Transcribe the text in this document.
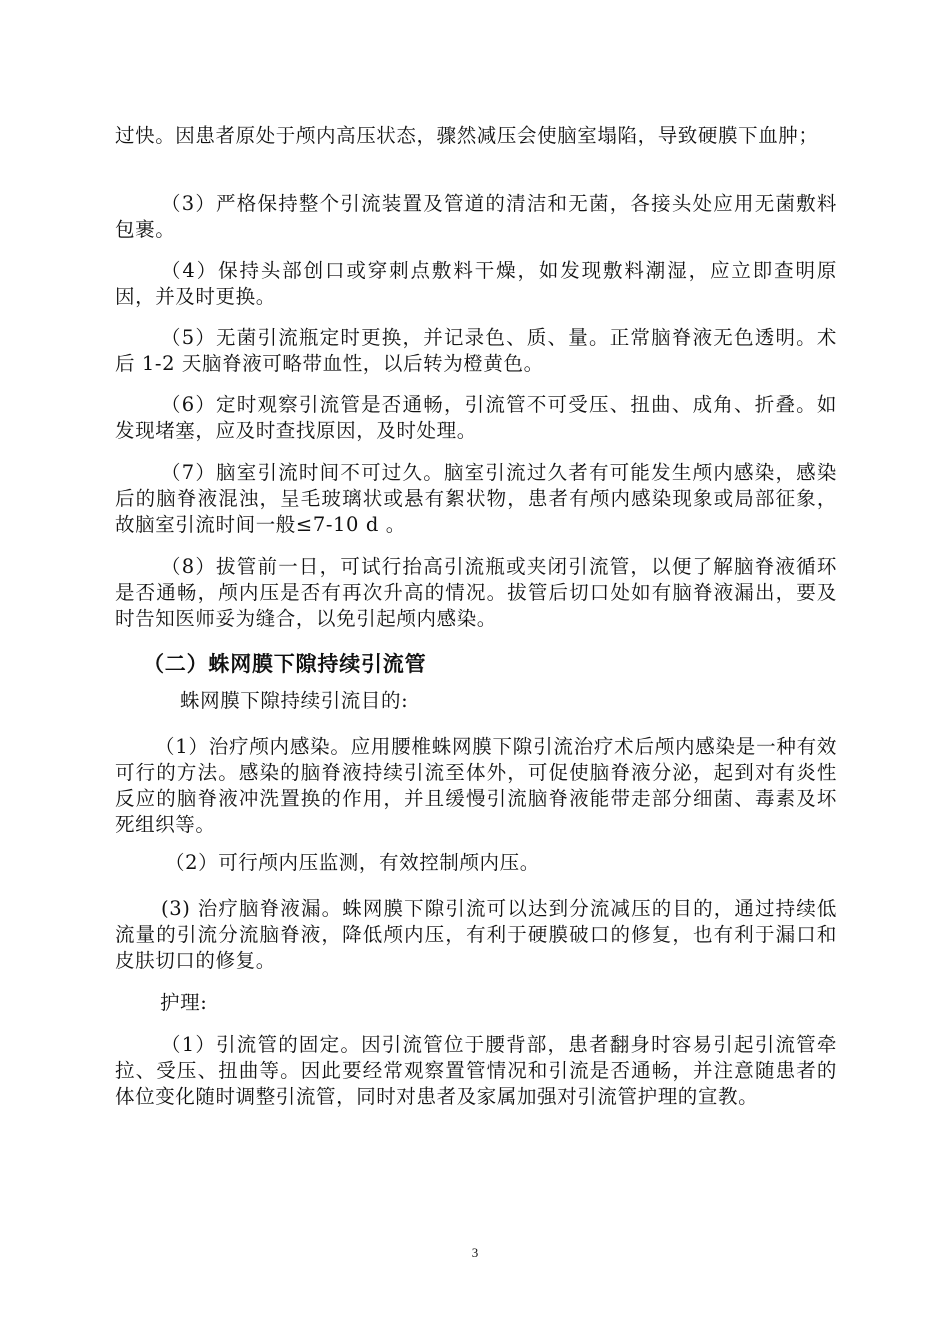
过快。因患者原处于颅内高压状态，骤然减压会使脑室塌陷，导致硬膜下血肿；

（3）严格保持整个引流装置及管道的清洁和无菌，各接头处应用无菌敷料包裹。

（4）保持头部创口或穿刺点敷料干燥，如发现敷料潮湿，应立即查明原因，并及时更换。

（5）无菌引流瓶定时更换，并记录色、质、量。正常脑脊液无色透明。术后 1-2 天脑脊液可略带血性，以后转为橙黄色。

（6）定时观察引流管是否通畅，引流管不可受压、扭曲、成角、折叠。如发现堵塞，应及时查找原因，及时处理。

（7）脑室引流时间不可过久。脑室引流过久者有可能发生颅内感染，感染后的脑脊液混浊，呈毛玻璃状或悬有絮状物，患者有颅内感染现象或局部征象，故脑室引流时间一般≤7-10 d 。

（8）拔管前一日，可试行抬高引流瓶或夹闭引流管，以便了解脑脊液循环是否通畅，颅内压是否有再次升高的情况。拔管后切口处如有脑脊液漏出，要及时告知医师妥为缝合，以免引起颅内感染。

（二）蛛网膜下隙持续引流管

蛛网膜下隙持续引流目的:

（1）治疗颅内感染。应用腰椎蛛网膜下隙引流治疗术后颅内感染是一种有效可行的方法。感染的脑脊液持续引流至体外，可促使脑脊液分泌，起到对有炎性反应的脑脊液冲洗置换的作用，并且缓慢引流脑脊液能带走部分细菌、毒素及坏死组织等。

（2）可行颅内压监测，有效控制颅内压。

(3) 治疗脑脊液漏。蛛网膜下隙引流可以达到分流减压的目的，通过持续低流量的引流分流脑脊液，降低颅内压，有利于硬膜破口的修复，也有利于漏口和皮肤切口的修复。

护理:

（1）引流管的固定。因引流管位于腰背部，患者翻身时容易引起引流管牵拉、受压、扭曲等。因此要经常观察置管情况和引流是否通畅，并注意随患者的体位变化随时调整引流管，同时对患者及家属加强对引流管护理的宣教。

3
